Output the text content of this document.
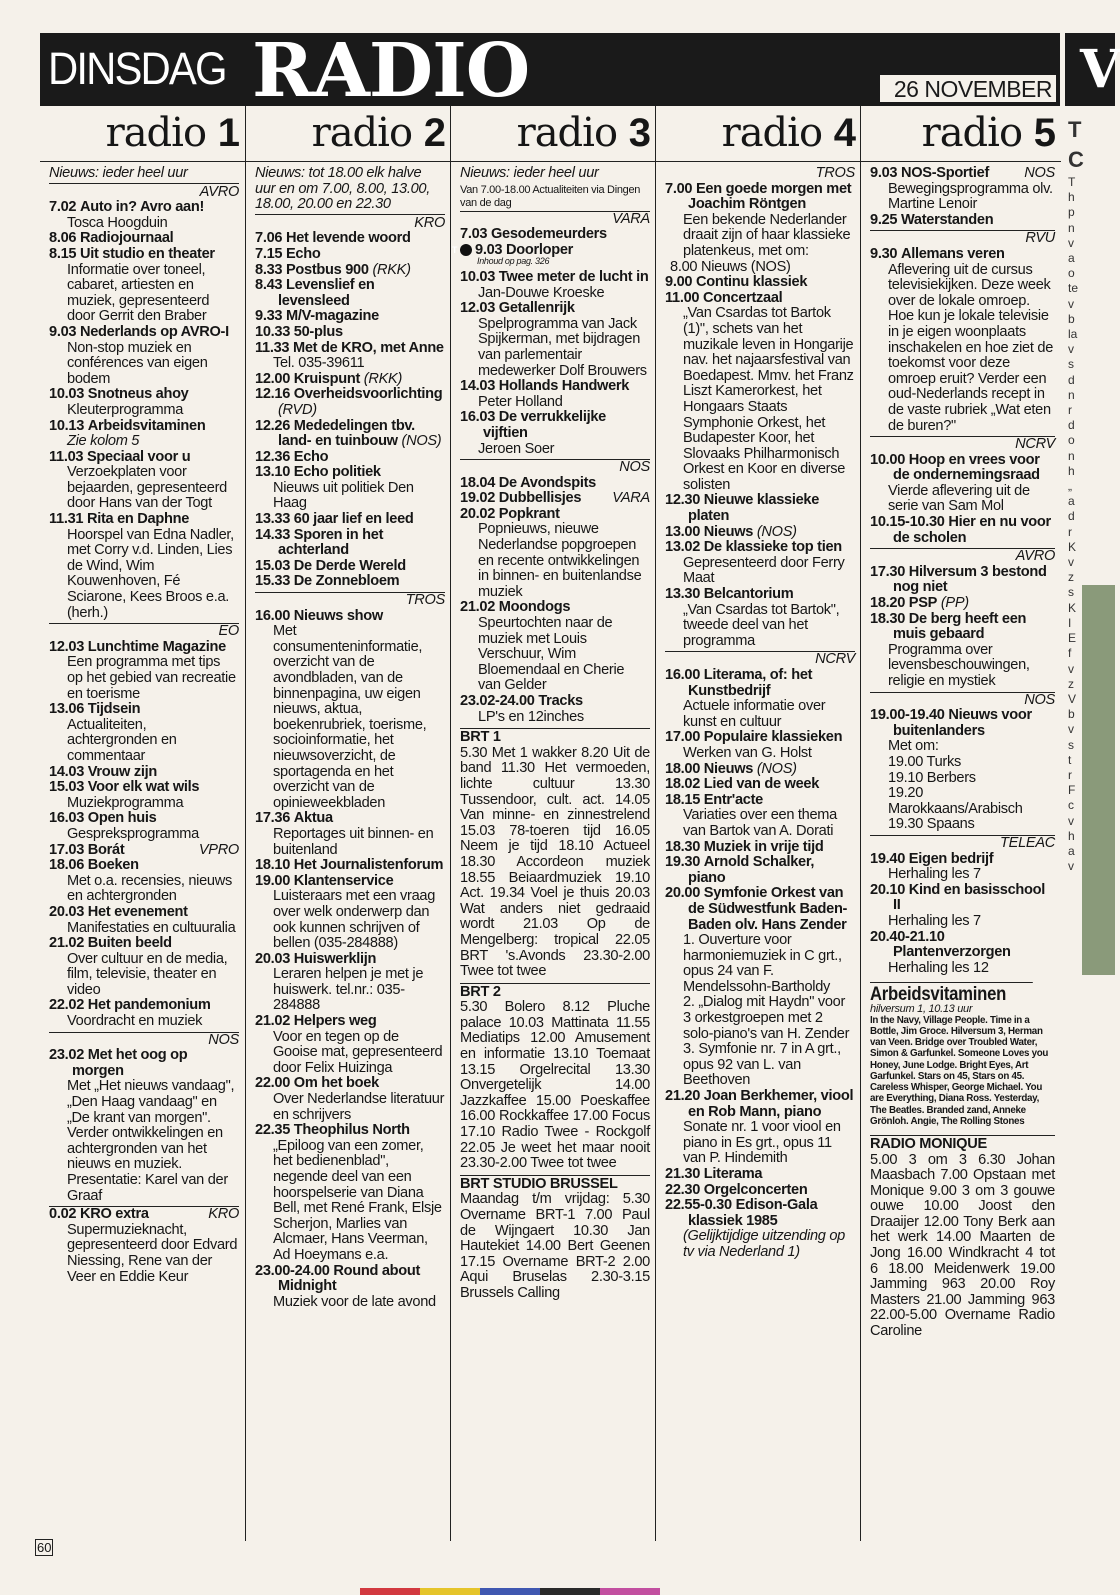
DINSDAG RADIO	26 NOVEMBER
radio 1
Nieuws: ieder heel uur
AVRO
7.02 Auto in? Avro aan!
Tosca Hoogduin
8.06 Radiojournaal
8.15 Uit studio en theater
Informatie over toneel, cabaret, artiesten en muziek, gepresenteerd door Gerrit den Braber
9.03 Nederlands op AVRO-I
Non-stop muziek en conférences van eigen bodem
10.03 Snotneus ahoy
Kleuterprogramma
10.13 Arbeidsvitaminen
Zie kolom 5
11.03 Speciaal voor u
Verzoekplaten voor bejaarden, gepresenteerd door Hans van der Togt
11.31 Rita en Daphne
Hoorspel van Edna Nadler, met Corry v.d. Linden, Lies de Wind, Wim Kouwenhoven, Fé Sciarone, Kees Broos e.a. (herh.)
EO
12.03 Lunchtime Magazine
Een programma met tips op het gebied van recreatie en toerisme
13.06 Tijdsein
Actualiteiten, achtergronden en commentaar
14.03 Vrouw zijn
15.03 Voor elk wat wils
Muziekprogramma
16.03 Open huis
Gespreksprogramma
VPRO
17.03 Borát
18.06 Boeken
Met o.a. recensies, nieuws en achtergronden
20.03 Het evenement
Manifestaties en cultuuralia
21.02 Buiten beeld
Over cultuur en de media, film, televisie, theater en video
22.02 Het pandemonium
Voordracht en muziek
NOS
23.02 Met het oog op morgen
Met „Het nieuws vandaag", „Den Haag vandaag" en „De krant van morgen". Verder ontwikkelingen en achtergronden van het nieuws en muziek. Presentatie: Karel van der Graaf
KRO
0.02 KRO extra
Supermuzieknacht, gepresenteerd door Edvard Niessing, Rene van der Veer en Eddie Keur
radio 2
Nieuws: tot 18.00 elk halve uur en om 7.00, 8.00, 13.00, 18.00, 20.00 en 22.30
KRO
7.06 Het levende woord
7.15 Echo
8.33 Postbus 900 (RKK)
8.43 Levenslief en levensleed
9.33 M/V-magazine
10.33 50-plus
11.33 Met de KRO, met Anne
Tel. 035-39611
12.00 Kruispunt (RKK)
12.16 Overheidsvoorlichting (RVD)
12.26 Mededelingen tbv. land- en tuinbouw (NOS)
12.36 Echo
13.10 Echo politiek
Nieuws uit politiek Den Haag
13.33 60 jaar lief en leed
14.33 Sporen in het achterland
15.03 De Derde Wereld
15.33 De Zonnebloem
TROS
16.00 Nieuws show
Met consumenteninformatie, overzicht van de avondbladen, van de binnenpagina, uw eigen nieuws, aktua, boekenrubriek, toerisme, socioinformatie, het nieuwsoverzicht, de sportagenda en het overzicht van de opinieweekbladen
17.36 Aktua
Reportages uit binnen- en buitenland
18.10 Het Journalistenforum
19.00 Klantenservice
Luisteraars met een vraag over welk onderwerp dan ook kunnen schrijven of bellen (035-284888)
20.03 Huiswerklijn
Leraren helpen je met je huiswerk. tel.nr.: 035-284888
21.02 Helpers weg
Voor en tegen op de Gooise mat, gepresenteerd door Felix Huizinga
22.00 Om het boek
Over Nederlandse literatuur en schrijvers
22.35 Theophilus North
„Epiloog van een zomer, het bedienenblad", negende deel van een hoorspelserie van Diana Bell, met René Frank, Elsje Scherjon, Marlies van Alcmaer, Hans Veerman, Ad Hoeymans e.a.
23.00-24.00 Round about Midnight
Muziek voor de late avond
radio 3
Nieuws: ieder heel uur
Van 7.00-18.00 Actualiteiten via Dingen van de dag
VARA
7.03 Gesodemeurders
T 9.03 Doorloper
Inhoud op pag. 326
10.03 Twee meter de lucht in
Jan-Douwe Kroeske
12.03 Getallenrijk
Spelprogramma van Jack Spijkerman, met bijdragen van parlementair medewerker Dolf Brouwers
14.03 Hollands Handwerk
Peter Holland
16.03 De verrukkelijke vijftien
Jeroen Soer
NOS
18.04 De Avondspits
VARA
19.02 Dubbellisjes
20.02 Popkrant
Popnieuws, nieuwe Nederlandse popgroepen en recente ontwikkelingen in binnen- en buitenlandse muziek
21.02 Moondogs
Speurtochten naar de muziek met Louis Verschuur, Wim Bloemendaal en Cherie van Gelder
23.02-24.00 Tracks
LP's en 12inches
BRT 1
5.30 Met 1 wakker 8.20 Uit de band 11.30 Het vermoeden, lichte cultuur 13.30 Tussendoor, cult. act. 14.05 Van minne- en zinnestrelend 15.03 78-toeren tijd 16.05 Neem je tijd 18.10 Actueel 18.30 Accordeon muziek 18.55 Beiaardmuziek 19.10 Act. 19.34 Voel je thuis 20.03 Wat anders niet gedraaid wordt 21.03 Op de Mengelberg: tropical 22.05 BRT 's.Avonds 23.30-2.00 Twee tot twee
BRT 2
5.30 Bolero 8.12 Pluche palace 10.03 Mattinata 11.55 Mediatips 12.00 Amusement en informatie 13.10 Toemaat 13.15 Orgelrecital 13.30 Onvergetelijk 14.00 Jazzkaffee 15.00 Poeskaffee 16.00 Rockkaffee 17.00 Focus 17.10 Radio Twee - Rockgolf 22.05 Je weet het maar nooit 23.30-2.00 Twee tot twee
BRT STUDIO BRUSSEL
Maandag t/m vrijdag: 5.30 Overname BRT-1 7.00 Paul de Wijngaert 10.30 Jan Hautekiet 14.00 Bert Geenen 17.15 Overname BRT-2 2.00 Aqui Bruselas 2.30-3.15 Brussels Calling
radio 4
TROS
7.00 Een goede morgen met Joachim Röntgen
Een bekende Nederlander draait zijn of haar klassieke platenkeus, met om:
8.00 Nieuws (NOS)
9.00 Continu klassiek
11.00 Concertzaal
„Van Csardas tot Bartok (1)", schets van het muzikale leven in Hongarije nav. het najaarsfestival van Boedapest. Mmv. het Franz Liszt Kamerorkest, het Hongaars Staats Symphonie Orkest, het Budapester Koor, het Slovaaks Philharmonisch Orkest en Koor en diverse solisten
12.30 Nieuwe klassieke platen
13.00 Nieuws (NOS)
13.02 De klassieke top tien
Gepresenteerd door Ferry Maat
13.30 Belcantorium
„Van Csardas tot Bartok", tweede deel van het programma
NCRV
16.00 Literama, of: het Kunstbedrijf
Actuele informatie over kunst en cultuur
17.00 Populaire klassieken
Werken van G. Holst
18.00 Nieuws (NOS)
18.02 Lied van de week
18.15 Entr'acte
Variaties over een thema van Bartok van A. Dorati
18.30 Muziek in vrije tijd
19.30 Arnold Schalker, piano
20.00 Symfonie Orkest van de Südwestfunk Baden-Baden olv. Hans Zender
1. Ouverture voor harmoniemuziek in C grt., opus 24 van F. Mendelssohn-Bartholdy
2. „Dialog mit Haydn" voor 3 orkestgroepen met 2 solo-piano's van H. Zender
3. Symfonie nr. 7 in A grt., opus 92 van L. van Beethoven
21.20 Joan Berkhemer, viool en Rob Mann, piano
Sonate nr. 1 voor viool en piano in Es grt., opus 11 van P. Hindemith
21.30 Literama
22.30 Orgelconcerten
22.55-0.30 Edison-Gala klassiek 1985
(Gelijktijdige uitzending op tv via Nederland 1)
radio 5
NOS
9.03 NOS-Sportief
Bewegingsprogramma olv. Martine Lenoir
9.25 Waterstanden
RVU
9.30 Allemans veren
Aflevering uit de cursus televisiekijken. Deze week over de lokale omroep. Hoe kun je lokale televisie in je eigen woonplaats inschakelen en hoe ziet de toekomst voor deze omroep eruit? Verder een oud-Nederlands recept in de vaste rubriek „Wat eten de buren?"
NCRV
10.00 Hoop en vrees voor de ondernemingsraad
Vierde aflevering uit de serie van Sam Mol
10.15-10.30 Hier en nu voor de scholen
AVRO
17.30 Hilversum 3 bestond nog niet
18.20 PSP (PP)
18.30 De berg heeft een muis gebaard
Programma over levensbeschouwingen, religie en mystiek
NOS
19.00-19.40 Nieuws voor buitenlanders
Met om:
19.00 Turks
19.10 Berbers
19.20 Marokkaans/Arabisch
19.30 Spaans
TELEAC
19.40 Eigen bedrijf
Herhaling les 7
20.10 Kind en basisschool II
Herhaling les 7
20.40-21.10 Plantenverzorgen
Herhaling les 12
Arbeidsvitaminen
hilversum 1, 10.13 uur
In the Navy, Village People. Time in a Bottle, Jim Groce. Hilversum 3, Herman van Veen. Bridge over Troubled Water, Simon & Garfunkel. Someone Loves you Honey, June Lodge. Bright Eyes, Art Garfunkel. Stars on 45, Stars on 45. Careless Whisper, George Michael. You are Everything, Diana Ross. Yesterday, The Beatles. Branded zand, Anneke Grönloh. Angie, The Rolling Stones
RADIO MONIQUE
5.00 3 om 3 6.30 Johan Maasbach 7.00 Opstaan met Monique 9.00 3 om 3 gouwe ouwe 10.00 Joost den Draaijer 12.00 Tony Berk aan het werk 14.00 Maarten de Jong 16.00 Windkracht 4 tot 6 18.00 Meidenwerk 19.00 Jamming 963 20.00 Roy Masters 21.00 Jamming 963 22.00-5.00 Overname Radio Caroline
60
V
T
C
T
h
p
n
v
a
o
te
v
b
la
v
s
d
n
r
d
o
n
h
„
a
d
r
K
v
z
s
K
I
E
f
v
z
V
b
v
s
t
r
F
c
v
h
a
v
